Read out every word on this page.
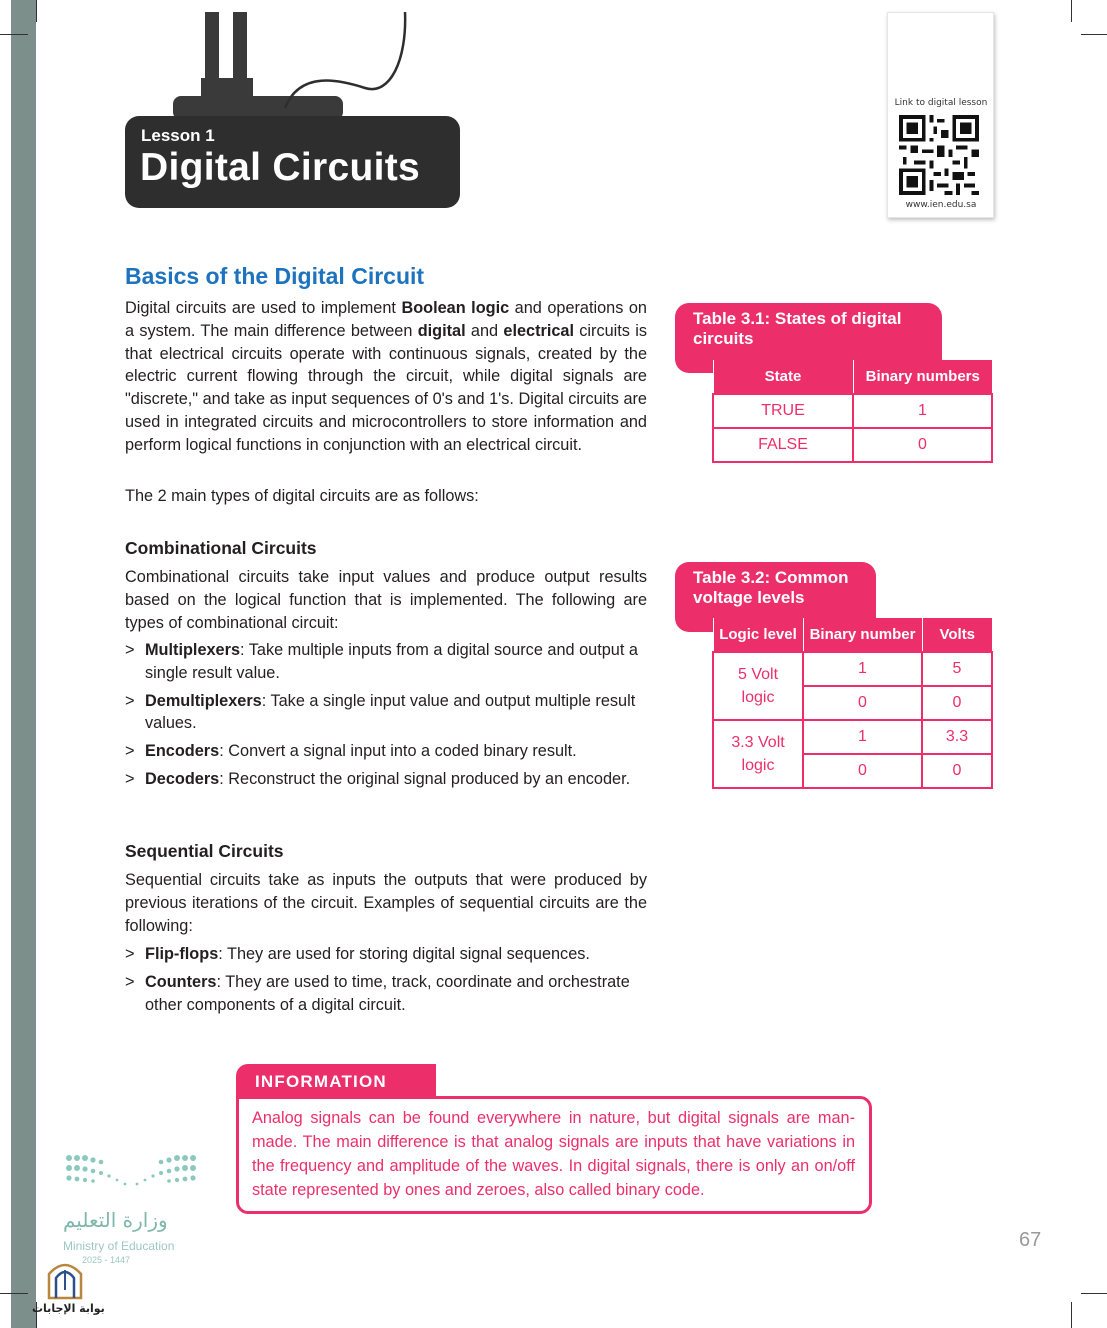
Lesson 1
Digital Circuits
Link to digital lesson
www.ien.edu.sa
Basics of the Digital Circuit

Digital circuits are used to implement Boolean logic and operations on a system. The main difference between digital and electrical circuits is that electrical circuits operate with continuous signals, created by the electric current flowing through the circuit, while digital signals are "discrete," and take as input sequences of 0's and 1's. Digital circuits are used in integrated circuits and microcontrollers to store information and perform logical functions in conjunction with an electrical circuit.

The 2 main types of digital circuits are as follows:

Combinational Circuits

Combinational circuits take input values and produce output results based on the logical function that is implemented. The following are types of combinational circuit:

> Multiplexers: Take multiple inputs from a digital source and output a single result value.
> Demultiplexers: Take a single input value and output multiple result values.
> Encoders: Convert a signal input into a coded binary result.
> Decoders: Reconstruct the original signal produced by an encoder.
Sequential Circuits

Sequential circuits take as inputs the outputs that were produced by previous iterations of the circuit. Examples of sequential circuits are the following:

> Flip-flops: They are used for storing digital signal sequences.
> Counters: They are used to time, track, coordinate and orchestrate other components of a digital circuit.
Table 3.1: States of digital circuits
State	Binary numbers
TRUE	1
FALSE	0
Table 3.2: Common voltage levels
Logic level	Binary number	Volts
5 Volt logic	1	5
	0	0
3.3 Volt logic	1	3.3
	0	0
INFORMATION

Analog signals can be found everywhere in nature, but digital signals are man-made. The main difference is that analog signals are inputs that have variations in the frequency and amplitude of the waves. In digital signals, there is only an on/off state represented by ones and zeroes, also called binary code.

وزارة التعليم
Ministry of Education
2025 - 1447
بوابة الإجابات
67
